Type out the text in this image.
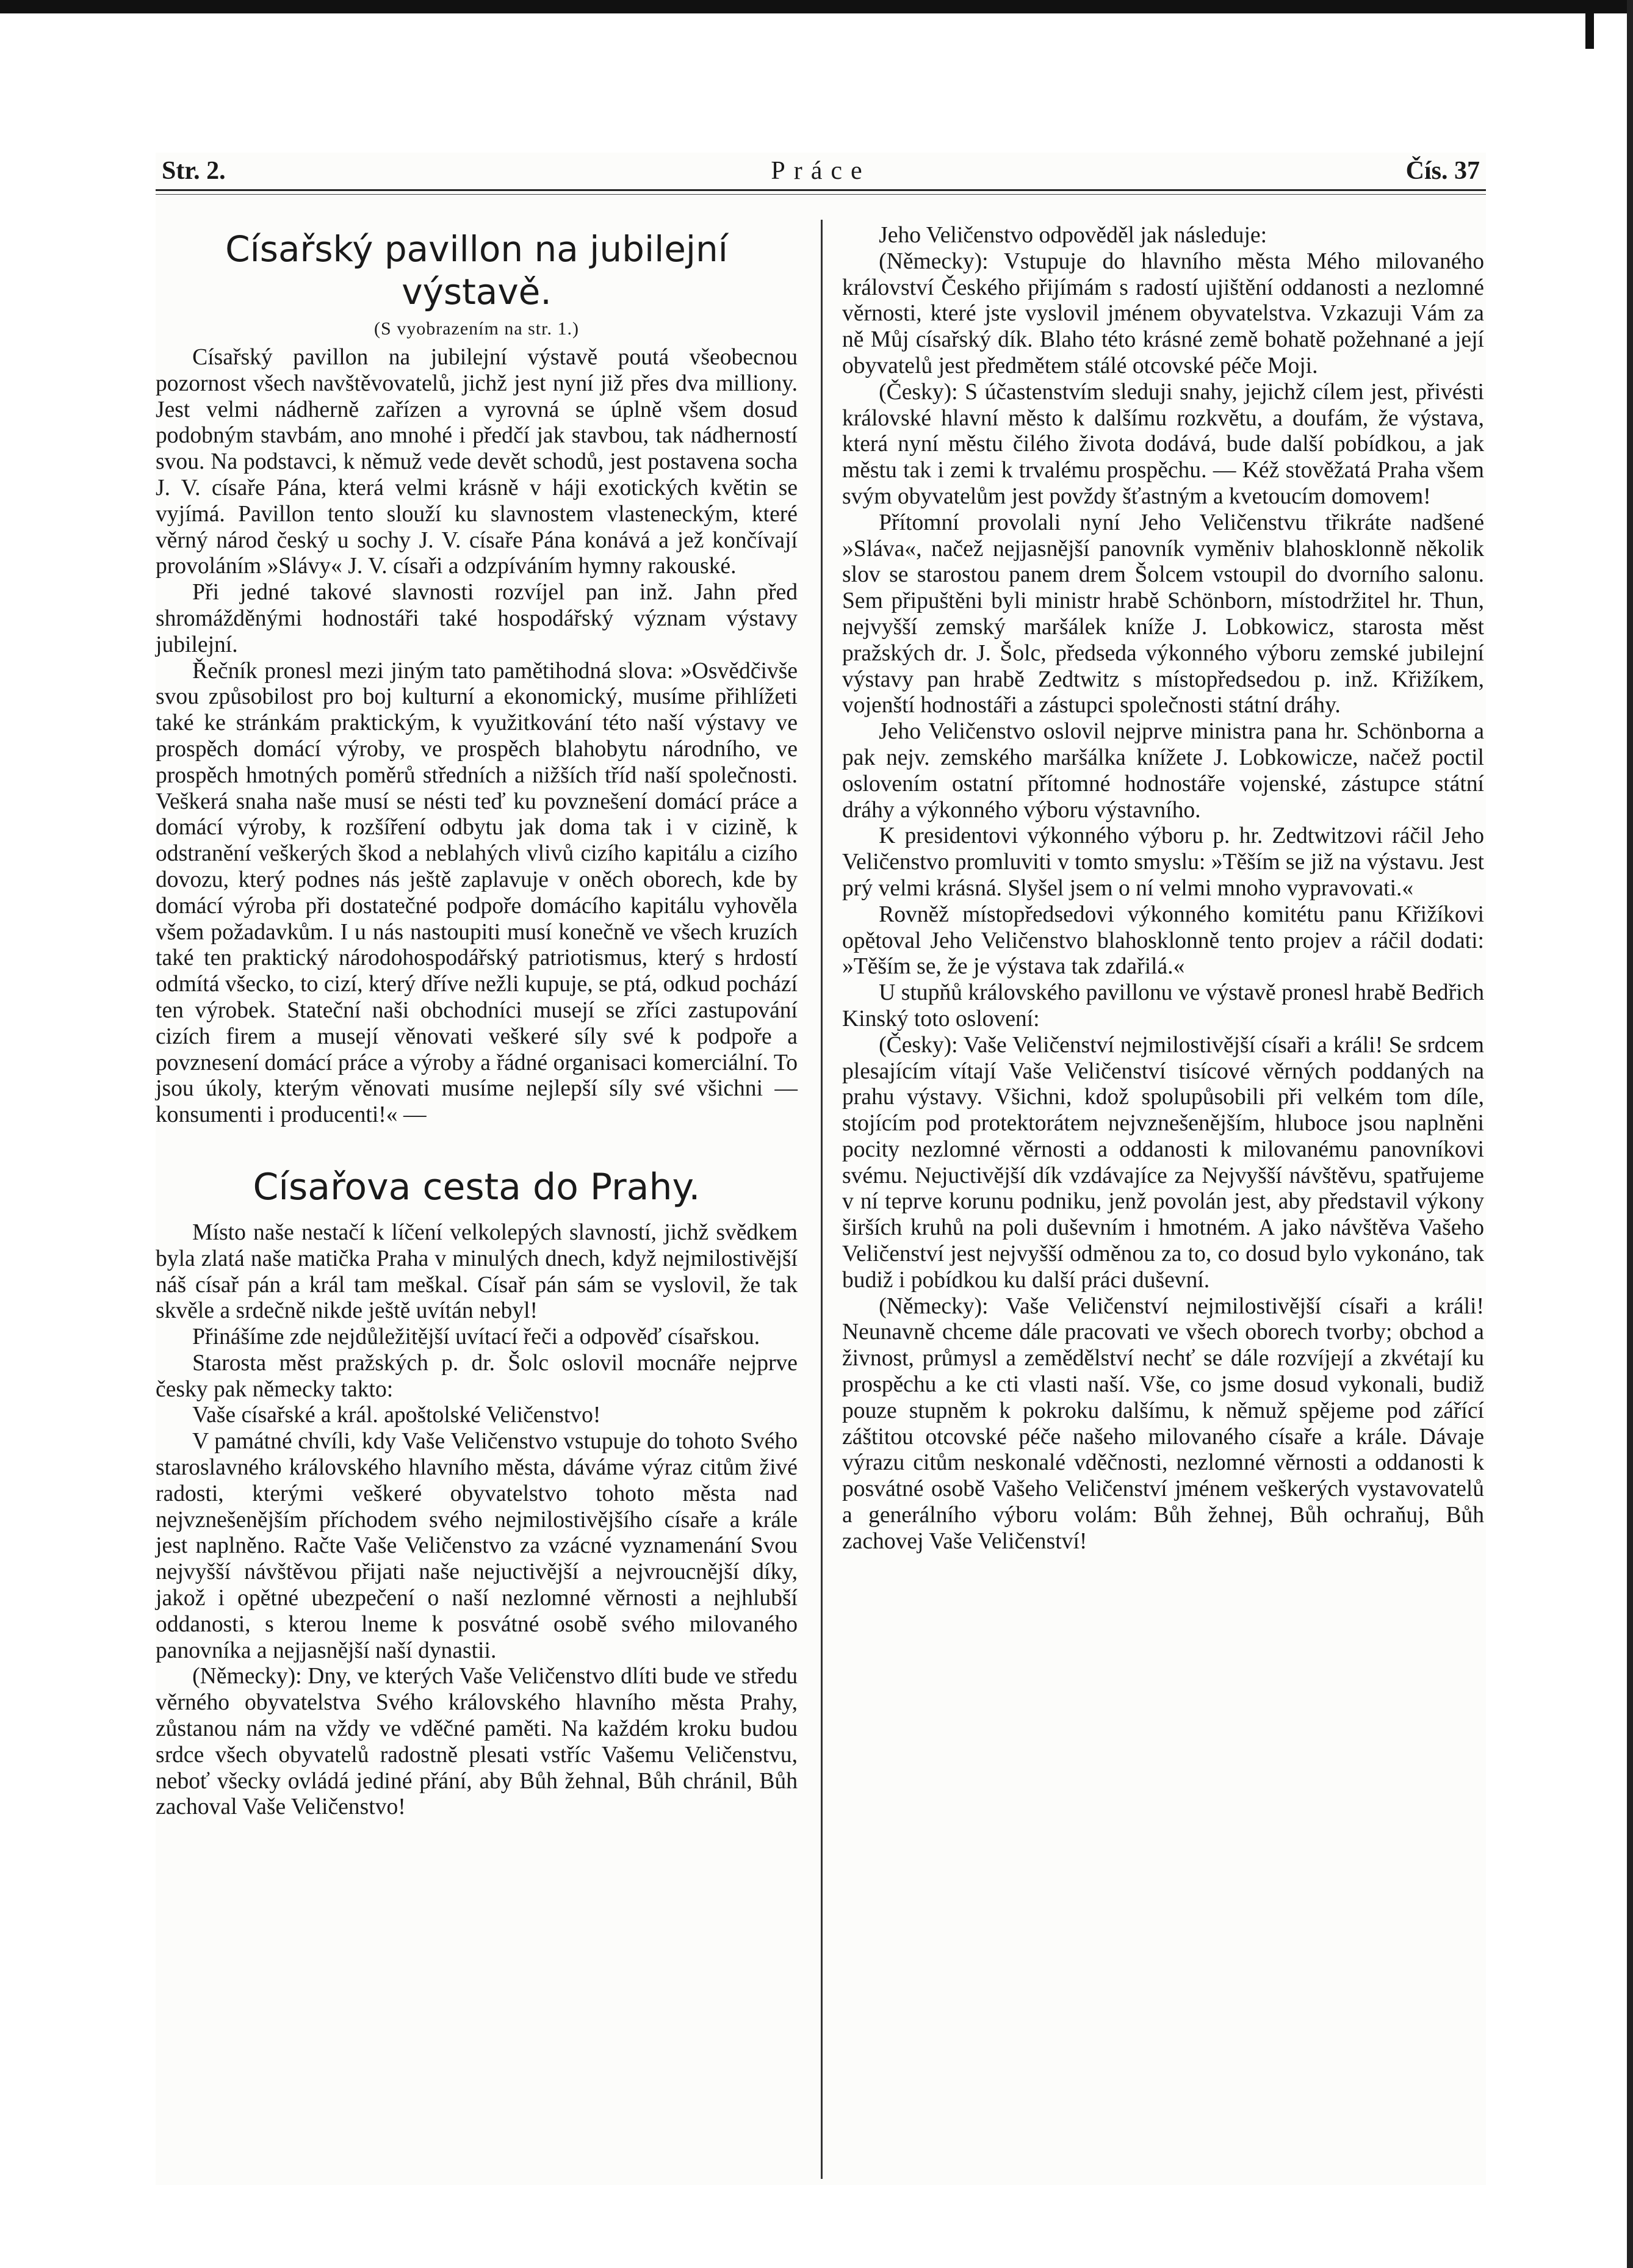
Str. 2.	Práce	Čís. 37
Císařský pavillon na jubilejní výstavě.
(S vyobrazením na str. 1.)

Císařský pavillon na jubilejní výstavě poutá všeobecnou pozornost všech navštěvovatelů, jichž jest nyní již přes dva milliony. Jest velmi nádherně zařízen a vyrovná se úplně všem dosud podobným stavbám, ano mnohé i předčí jak stavbou, tak nádherností svou. Na podstavci, k němuž vede devět schodů, jest postavena socha J. V. císaře Pána, která velmi krásně v háji exotických květin se vyjímá. Pavillon tento slouží ku slavnostem vlasteneckým, které věrný národ český u sochy J. V. císaře Pána konává a jež končívají provoláním »Slávy« J. V. císaři a odzpíváním hymny rakouské.

Při jedné takové slavnosti rozvíjel pan inž. Jahn před shromážděnými hodnostáři také hospodářský význam výstavy jubilejní.

Řečník pronesl mezi jiným tato pamětihodná slova: »Osvědčivše svou způsobilost pro boj kulturní a ekonomický, musíme přihlížeti také ke stránkám praktickým, k využitkování této naší výstavy ve prospěch domácí výroby, ve prospěch blahobytu národního, ve prospěch hmotných poměrů středních a nižších tříd naší společnosti. Veškerá snaha naše musí se nésti teď ku povznešení domácí práce a domácí výroby, k rozšíření odbytu jak doma tak i v cizině, k odstranění veškerých škod a neblahých vlivů cizího kapitálu a cizího dovozu, který podnes nás ještě zaplavuje v oněch oborech, kde by domácí výroba při dostatečné podpoře domácího kapitálu vyhověla všem požadavkům. I u nás nastoupiti musí konečně ve všech kruzích také ten praktický národohospodářský patriotismus, který s hrdostí odmítá všecko, to cizí, který dříve nežli kupuje, se ptá, odkud pochází ten výrobek. Stateční naši obchodníci musejí se zříci zastupování cizích firem a musejí věnovati veškeré síly své k podpoře a povznesení domácí práce a výroby a řádné organisaci komerciální. To jsou úkoly, kterým věnovati musíme nejlepší síly své všichni — konsumenti i producenti!« —

Císařova cesta do Prahy.

Místo naše nestačí k líčení velkolepých slavností, jichž svědkem byla zlatá naše matička Praha v minulých dnech, když nejmilostivější náš císař pán a král tam meškal. Císař pán sám se vyslovil, že tak skvěle a srdečně nikde ještě uvítán nebyl!

Přinášíme zde nejdůležitější uvítací řeči a odpověď císařskou.

Starosta měst pražských p. dr. Šolc oslovil mocnáře nejprve česky pak německy takto:

Vaše císařské a král. apoštolské Veličenstvo!

V památné chvíli, kdy Vaše Veličenstvo vstupuje do tohoto Svého staroslavného královského hlavního města, dáváme výraz citům živé radosti, kterými veškeré obyvatelstvo tohoto města nad nejvznešenějším příchodem svého nejmilostivějšího císaře a krále jest naplněno. Račte Vaše Veličenstvo za vzácné vyznamenání Svou nejvyšší návštěvou přijati naše nejuctivější a nejvroucnější díky, jakož i opětné ubezpečení o naší nezlomné věrnosti a nejhlubší oddanosti, s kterou lneme k posvátné osobě svého milovaného panovníka a nejjasnější naší dynastii.

(Německy): Dny, ve kterých Vaše Veličenstvo dlíti bude ve středu věrného obyvatelstva Svého královského hlavního města Prahy, zůstanou nám na vždy ve vděčné paměti. Na každém kroku budou srdce všech obyvatelů radostně plesati vstříc Vašemu Veličenstvu, neboť všecky ovládá jediné přání, aby Bůh žehnal, Bůh chránil, Bůh zachoval Vaše Veličenstvo!

Jeho Veličenstvo odpověděl jak následuje:

(Německy): Vstupuje do hlavního města Mého milovaného království Českého přijímám s radostí ujištění oddanosti a nezlomné věrnosti, které jste vyslovil jménem obyvatelstva. Vzkazuji Vám za ně Můj císařský dík. Blaho této krásné země bohatě požehnané a její obyvatelů jest předmětem stálé otcovské péče Moji.

(Česky): S účastenstvím sleduji snahy, jejichž cílem jest, přivésti královské hlavní město k dalšímu rozkvětu, a doufám, že výstava, která nyní městu čilého života dodává, bude další pobídkou, a jak městu tak i zemi k trvalému prospěchu. — Kéž stověžatá Praha všem svým obyvatelům jest povždy šťastným a kvetoucím domovem!

Přítomní provolali nyní Jeho Veličenstvu třikráte nadšené »Sláva«, načež nejjasnější panovník vyměniv blahosklonně několik slov se starostou panem drem Šolcem vstoupil do dvorního salonu. Sem připuštěni byli ministr hrabě Schönborn, místodržitel hr. Thun, nejvyšší zemský maršálek kníže J. Lobkowicz, starosta měst pražských dr. J. Šolc, předseda výkonného výboru zemské jubilejní výstavy pan hrabě Zedtwitz s místopředsedou p. inž. Křižíkem, vojenští hodnostáři a zástupci společnosti státní dráhy.

Jeho Veličenstvo oslovil nejprve ministra pana hr. Schönborna a pak nejv. zemského maršálka knížete J. Lobkowicze, načež poctil oslovením ostatní přítomné hodnostáře vojenské, zástupce státní dráhy a výkonného výboru výstavního.

K presidentovi výkonného výboru p. hr. Zedtwitzovi ráčil Jeho Veličenstvo promluviti v tomto smyslu: »Těším se již na výstavu. Jest prý velmi krásná. Slyšel jsem o ní velmi mnoho vypravovati.«

Rovněž místopředsedovi výkonného komitétu panu Křižíkovi opětoval Jeho Veličenstvo blahosklonně tento projev a ráčil dodati: »Těším se, že je výstava tak zdařilá.«

U stupňů královského pavillonu ve výstavě pronesl hrabě Bedřich Kinský toto oslovení:

(Česky): Vaše Veličenství nejmilostivější císaři a králi! Se srdcem plesajícím vítají Vaše Veličenství tisícové věrných poddaných na prahu výstavy. Všichni, kdož spolupůsobili při velkém tom díle, stojícím pod protektorátem nejvznešenějším, hluboce jsou naplněni pocity nezlomné věrnosti a oddanosti k milovanému panovníkovi svému. Nejuctivější dík vzdávajíce za Nejvyšší návštěvu, spatřujeme v ní teprve korunu podniku, jenž povolán jest, aby představil výkony širších kruhů na poli duševním i hmotném. A jako návštěva Vašeho Veličenství jest nejvyšší odměnou za to, co dosud bylo vykonáno, tak budiž i pobídkou ku další práci duševní.

(Německy): Vaše Veličenství nejmilostivější císaři a králi! Neunavně chceme dále pracovati ve všech oborech tvorby; obchod a živnost, průmysl a zemědělství nechť se dále rozvíjejí a zkvétají ku prospěchu a ke cti vlasti naší. Vše, co jsme dosud vykonali, budiž pouze stupněm k pokroku dalšímu, k němuž spějeme pod zářící záštitou otcovské péče našeho milovaného císaře a krále. Dávaje výrazu citům neskonalé vděčnosti, nezlomné věrnosti a oddanosti k posvátné osobě Vašeho Veličenství jménem veškerých vystavovatelů a generálního výboru volám: Bůh žehnej, Bůh ochraňuj, Bůh zachovej Vaše Veličenství!
